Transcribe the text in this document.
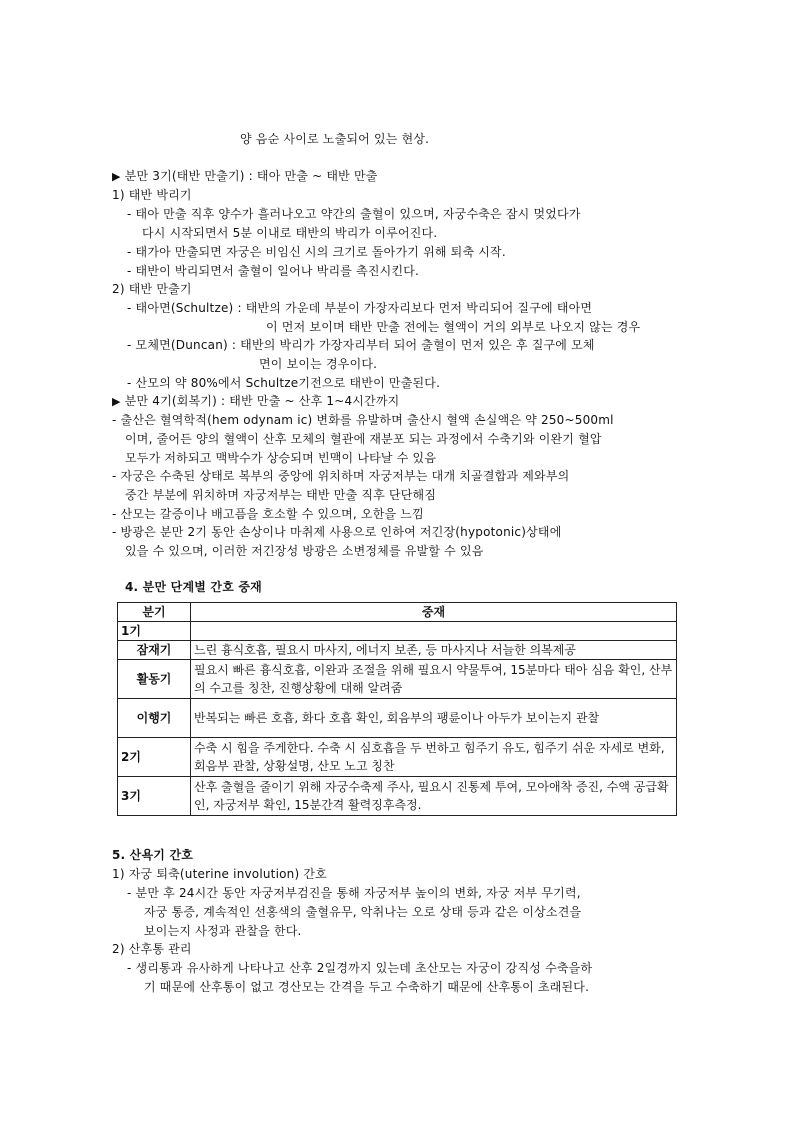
양 음순 사이로 노출되어 있는 현상.
▶ 분만 3기(태반 만출기) : 태아 만출 ~ 태반 만출
1) 태반 박리기
- 태아 만출 직후 양수가 흘러나오고 약간의 출혈이 있으며, 자궁수축은 잠시 멎었다가
다시 시작되면서 5분 이내로 태반의 박리가 이루어진다.
- 태가아 만출되면 자궁은 비임신 시의 크기로 돌아가기 위해 퇴축 시작.
- 태반이 박리되면서 출혈이 일어나 박리를 촉진시킨다.
2) 태반 만출기
- 태아면(Schultze) : 태반의 가운데 부분이 가장자리보다 먼저 박리되어 질구에 태아면
이 먼저 보이며 태반 만출 전에는 혈액이 거의 외부로 나오지 않는 경우
- 모체면(Duncan) : 태반의 박리가 가장자리부터 되어 출혈이 먼저 있은 후 질구에 모체
면이 보이는 경우이다.
- 산모의 약 80%에서 Schultze기전으로 태반이 만출된다.
▶ 분만 4기(회복기) : 태반 만출 ~ 산후 1~4시간까지
- 출산은 혈역학적(hem odynam ic) 변화를 유발하며 출산시 혈액 손실액은 약 250~500ml
이며, 줄어든 양의 혈액이 산후 모체의 혈관에 재분포 되는 과정에서 수축기와 이완기 혈압
모두가 저하되고 맥박수가 상승되며 빈맥이 나타날 수 있음
- 자궁은 수축된 상태로 복부의 중앙에 위치하며 자궁저부는 대개 치골결합과 제와부의
중간 부분에 위치하며 자궁저부는 태반 만출 직후 단단해짐
- 산모는 갈증이나 배고픔을 호소할 수 있으며, 오한을 느낌
- 방광은 분만 2기 동안 손상이나 마취제 사용으로 인하여 저긴장(hypotonic)상태에
있을 수 있으며, 이러한 저긴장성 방광은 소변정체를 유발할 수 있음
4. 분만 단계별 간호 중재
분기	중재
1기	
잠재기	느린 흉식호흡, 필요시 마사지, 에너지 보존, 등 마사지나 서늘한 의복제공
활동기	필요시 빠른 흉식호흡, 이완과 조절을 위해 필요시 약물투여, 15분마다 태아 심음 확인, 산부의 수고를 칭찬, 진행상황에 대해 알려줌
이행기	반복되는 빠른 호흡, 화다 호흡 확인, 회음부의 팽륜이나 아두가 보이는지 관찰
2기	수축 시 힘을 주게한다. 수축 시 심호흡을 두 번하고 힘주기 유도, 힘주기 쉬운 자세로 변화, 회음부 관찰, 상황설명, 산모 노고 칭찬
3기	산후 출혈을 줄이기 위해 자궁수축제 주사, 필요시 진통제 투여, 모아애착 증진, 수액 공급확인, 자궁저부 확인, 15분간격 활력징후측정.
5. 산욕기 간호
1) 자궁 퇴축(uterine involution) 간호
- 분만 후 24시간 동안 자궁저부검진을 통해 자궁저부 높이의 변화, 자궁 저부 무기력,
자궁 통증, 계속적인 선홍색의 출혈유무, 악취나는 오로 상태 등과 같은 이상소견을
보이는지 사정과 관찰을 한다.
2) 산후통 관리
- 생리통과 유사하게 나타나고 산후 2일경까지 있는데 초산모는 자궁이 강직성 수축을하
기 때문에 산후통이 없고 경산모는 간격을 두고 수축하기 때문에 산후통이 초래된다.
